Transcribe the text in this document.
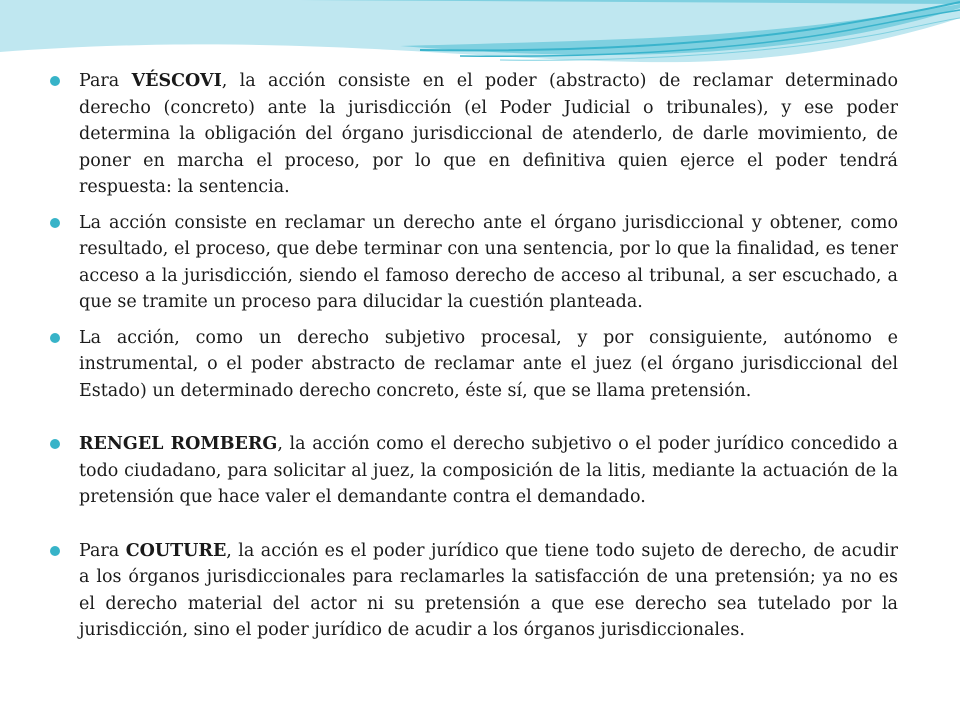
Para VÉSCOVI, la acción consiste en el poder (abstracto) de reclamar determinado derecho (concreto) ante la jurisdicción (el Poder Judicial o tribunales), y ese poder determina la obligación del órgano jurisdiccional de atenderlo, de darle movimiento, de poner en marcha el proceso, por lo que en definitiva quien ejerce el poder tendrá respuesta: la sentencia.

La acción consiste en reclamar un derecho ante el órgano jurisdiccional y obtener, como resultado, el proceso, que debe terminar con una sentencia, por lo que la finalidad, es tener acceso a la jurisdicción, siendo el famoso derecho de acceso al tribunal, a ser escuchado, a que se tramite un proceso para dilucidar la cuestión planteada.

La acción, como un derecho subjetivo procesal, y por consiguiente, autónomo e instrumental, o el poder abstracto de reclamar ante el juez (el órgano jurisdiccional del Estado) un determinado derecho concreto, éste sí, que se llama pretensión.

RENGEL ROMBERG, la acción como el derecho subjetivo o el poder jurídico concedido a todo ciudadano, para solicitar al juez, la composición de la litis, mediante la actuación de la pretensión que hace valer el demandante contra el demandado.

Para COUTURE, la acción es el poder jurídico que tiene todo sujeto de derecho, de acudir a los órganos jurisdiccionales para reclamarles la satisfacción de una pretensión; ya no es el derecho material del actor ni su pretensión a que ese derecho sea tutelado por la jurisdicción, sino el poder jurídico de acudir a los órganos jurisdiccionales.
